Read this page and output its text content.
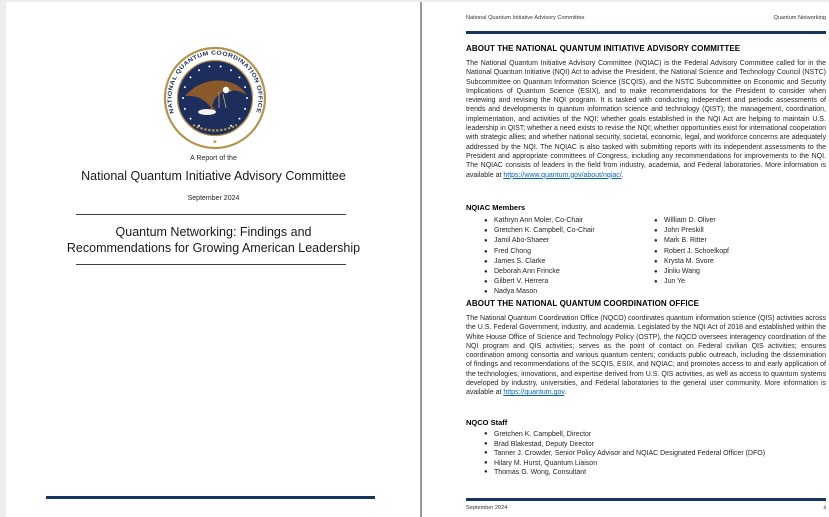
NATIONAL QUANTUM COORDINATION OFFICE
★
A Report of the
National Quantum Initiative Advisory Committee
September 2024
Quantum Networking: Findings and
Recommendations for Growing American Leadership
National Quantum Initiative Advisory Committee	Quantum Networking
ABOUT THE NATIONAL QUANTUM INITIATIVE ADVISORY COMMITTEE

The National Quantum Initiative Advisory Committee (NQIAC) is the Federal Advisory Committee called for in the National Quantum Initiative (NQI) Act to advise the President, the National Science and Technology Council (NSTC) Subcommittee on Quantum Information Science (SCQIS), and the NSTC Subcommittee on Economic and Security Implications of Quantum Science (ESIX), and to make recommendations for the President to consider when reviewing and revising the NQI program. It is tasked with conducting independent and periodic assessments of trends and developments in quantum information science and technology (QIST); the management, coordination, implementation, and activities of the NQI; whether goals established in the NQI Act are helping to maintain U.S. leadership in QIST; whether a need exists to revise the NQI; whether opportunities exist for international cooperation with strategic allies; and whether national security, societal, economic, legal, and workforce concerns are adequately addressed by the NQI. The NQIAC is also tasked with submitting reports with its independent assessments to the President and appropriate committees of Congress, including any recommendations for improvements to the NQI. The NQIAC consists of leaders in the field from industry, academia, and Federal laboratories. More information is available at https://www.quantum.gov/about/nqiac/.

NQIAC Members
● Kathryn Ann Moler, Co-Chair
● Gretchen K. Campbell, Co-Chair
● Jamil Abo-Shaeer
● Fred Chong
● James S. Clarke
● Deborah Ann Frincke
● Gilbert V. Herrera
● Nadya Mason
● William D. Oliver
● John Preskill
● Mark B. Ritter
● Robert J. Schoelkopf
● Krysta M. Svore
● Jinliu Wang
● Jun Ye
ABOUT THE NATIONAL QUANTUM COORDINATION OFFICE

The National Quantum Coordination Office (NQCO) coordinates quantum information science (QIS) activities across the U.S. Federal Government, industry, and academia. Legislated by the NQI Act of 2018 and established within the White House Office of Science and Technology Policy (OSTP), the NQCO oversees interagency coordination of the NQI program and QIS activities; serves as the point of contact on Federal civilian QIS activities; ensures coordination among consortia and various quantum centers; conducts public outreach, including the dissemination of findings and recommendations of the SCQIS, ESIX, and NQIAC; and promotes access to and early application of the technologies, innovations, and expertise derived from U.S. QIS activities, as well as access to quantum systems developed by industry, universities, and Federal laboratories to the general user community. More information is available at https://quantum.gov.

NQCO Staff
● Gretchen K. Campbell, Director
● Brad Blakestad, Deputy Director
● Tanner J. Crowder, Senior Policy Advisor and NQIAC Designated Federal Officer (DFO)
● Hilary M. Hurst, Quantum Liaison
● Thomas G. Wong, Consultant
September 2024	ii
